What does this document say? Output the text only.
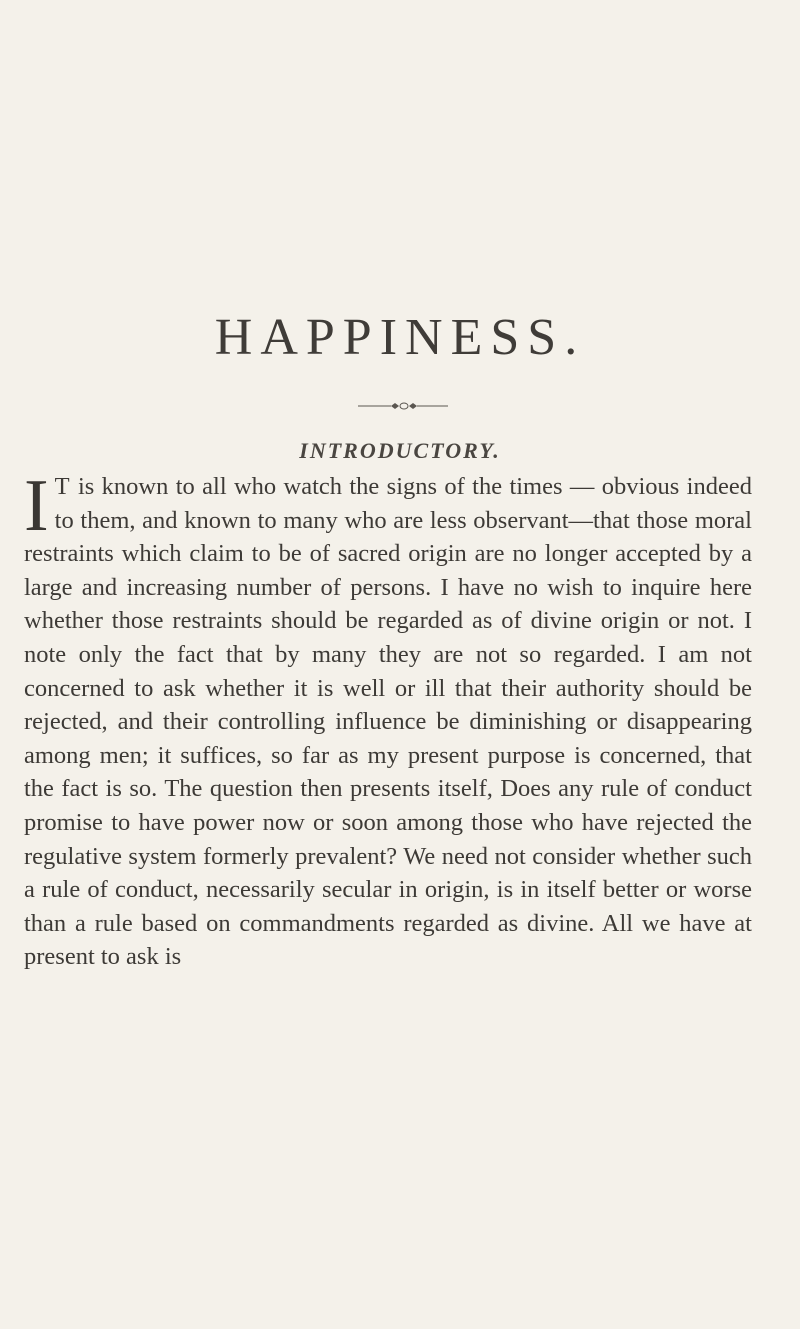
HAPPINESS.
INTRODUCTORY.

I T is known to all who watch the signs of the times — obvious indeed to them, and known to many who are less observant—that those moral restraints which claim to be of sacred origin are no longer accepted by a large and increasing number of persons. I have no wish to inquire here whether those restraints should be regarded as of divine origin or not. I note only the fact that by many they are not so regarded. I am not concerned to ask whether it is well or ill that their authority should be rejected, and their controlling influence be diminishing or disappearing among men; it suffices, so far as my present purpose is concerned, that the fact is so. The question then presents itself, Does any rule of conduct promise to have power now or soon among those who have rejected the regulative system formerly prevalent? We need not consider whether such a rule of conduct, necessarily secular in origin, is in itself better or worse than a rule based on commandments regarded as divine. All we have at present to ask is
